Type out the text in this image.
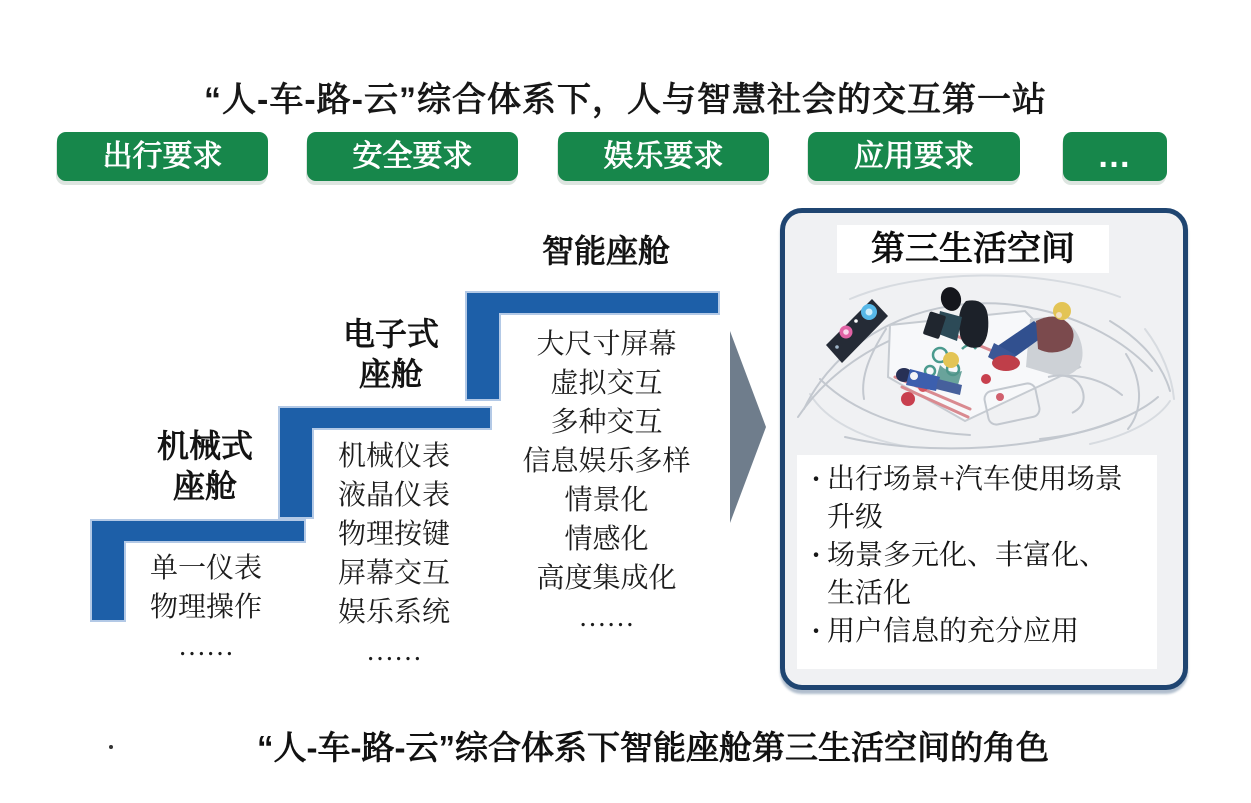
“人-车-路-云”综合体系下，人与智慧社会的交互第一站
出行要求	安全要求	娱乐要求	应用要求	…
机械式
座舱
电子式
座舱
智能座舱
单一仪表
物理操作
……
机械仪表
液晶仪表
物理按键
屏幕交互
娱乐系统
……
大尺寸屏幕
虚拟交互
多种交互
信息娱乐多样
情景化
情感化
高度集成化
……
第三生活空间
· 出行场景+汽车使用场景升级
· 场景多元化、丰富化、生活化
· 用户信息的充分应用
“人-车-路-云”综合体系下智能座舱第三生活空间的角色
